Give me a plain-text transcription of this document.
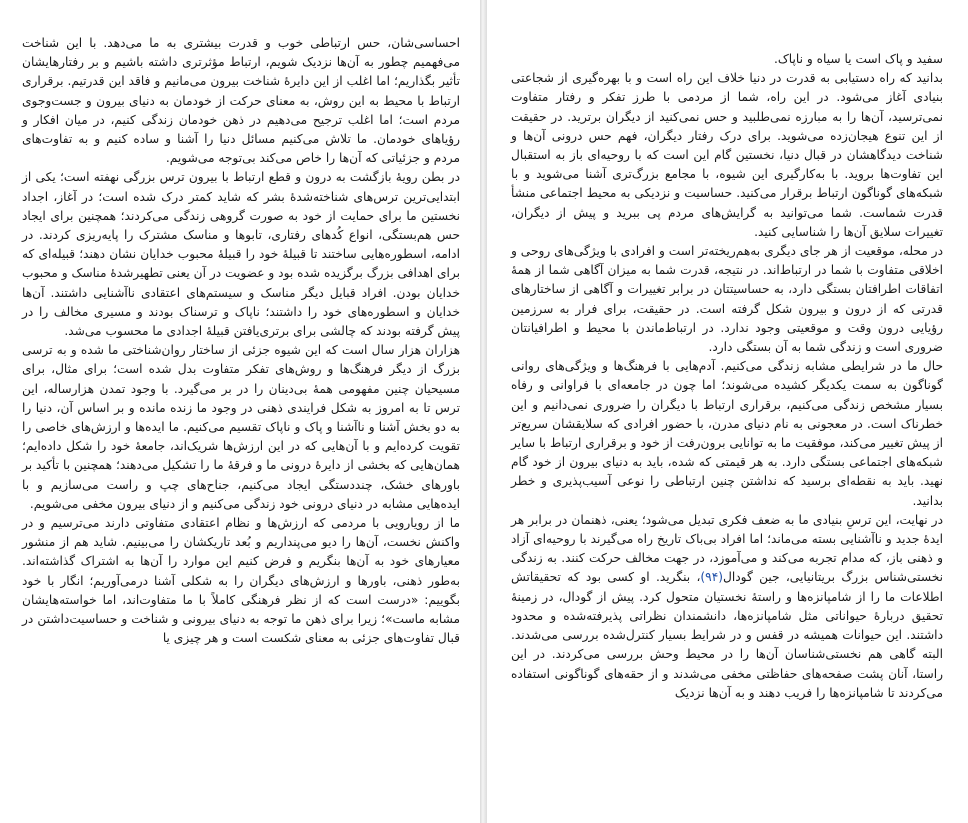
احساسی‌شان، حس ارتباطی خوب و قدرت بیشتری به ما می‌دهد. با این شناخت می‌فهمیم چطور به آن‌ها نزدیک شویم، ارتباط مؤثرتری داشته باشیم و بر رفتارهایشان تأثیر بگذاریم؛ اما اغلب از این دایرهٔ شناخت بیرون می‌مانیم و فاقد این قدرتیم. برقراری ارتباط با محیط به این روش، به معنای حرکت از خودمان به دنیای بیرون و جست‌وجوی مردم است؛ اما اغلب ترجیح می‌دهیم در ذهن خودمان زندگی کنیم، در میان افکار و رؤیاهای خودمان. ما تلاش می‌کنیم مسائل دنیا را آشنا و ساده کنیم و به تفاوت‌های مردم و جزئیاتی که آن‌ها را خاص می‌کند بی‌توجه می‌شویم.

در بطن رویهٔ بازگشت به درون و قطع ارتباط با بیرون ترس بزرگی نهفته است؛ یکی از ابتدایی‌ترین ترس‌های شناخته‌شدهٔ بشر که شاید کمتر درک شده است؛ در آغاز، اجداد نخستین ما برای حمایت از خود به صورت گروهی زندگی می‌کردند؛ همچنین برای ایجاد حس هم‌بستگی، انواع کُدهای رفتاری، تابوها و مناسک مشترک را پایه‌ریزی کردند. در ادامه، اسطوره‌هایی ساختند تا قبیلهٔ خود را قبیلهٔ محبوب خدایان نشان دهند؛ قبیله‌ای که برای اهدافی بزرگ برگزیده شده بود و عضویت در آن یعنی تطهیرشدهٔ مناسک و محبوب خدایان بودن. افراد قبایل دیگر مناسک و سیستم‌های اعتقادی ناآشنایی داشتند. آن‌ها خدایان و اسطوره‌های خود را داشتند؛ ناپاک و ترسناک بودند و مسیری مخالف را در پیش گرفته بودند که چالشی برای برتری‌یافتن قبیلهٔ اجدادی ما محسوب می‌شد.

هزاران هزار سال است که این شیوه جزئی از ساختار روان‌شناختی ما شده و به ترسی بزرگ از دیگر فرهنگ‌ها و روش‌های تفکر متفاوت بدل شده است؛ برای مثال، برای مسیحیان چنین مفهومی همهٔ بی‌دینان را در بر می‌گیرد. با وجود تمدن هزارساله، این ترس تا به امروز به شکل فرایندی ذهنی در وجود ما زنده مانده و بر اساس آن، دنیا را به دو بخش آشنا و ناآشنا و پاک و ناپاک تقسیم می‌کنیم. ما ایده‌ها و ارزش‌های خاصی را تقویت کرده‌ایم و با آن‌هایی که در این ارزش‌ها شریک‌اند، جامعهٔ خود را شکل داده‌ایم؛ همان‌هایی که بخشی از دایرهٔ درونی ما و فرقهٔ ما را تشکیل می‌دهند؛ همچنین با تأکید بر باورهای خشک، چنددستگی ایجاد می‌کنیم، جناح‌های چپ و راست می‌سازیم و با ایده‌هایی مشابه در دنیای درونی خود زندگی می‌کنیم و از دنیای بیرون مخفی می‌شویم.

ما از رویارویی با مردمی که ارزش‌ها و نظام اعتقادی متفاوتی دارند می‌ترسیم و در واکنش نخست، آن‌ها را دیو می‌پنداریم و بُعد تاریکشان را می‌بینیم. شاید هم از منشور معیارهای خود به آن‌ها بنگریم و فرض کنیم این موارد را آن‌ها به اشتراک گذاشته‌اند. به‌طور ذهنی، باورها و ارزش‌های دیگران را به شکلی آشنا درمی‌آوریم؛ انگار با خود بگوییم: «درست است که از نظر فرهنگی کاملاً با ما متفاوت‌اند، اما خواسته‌هایشان مشابه ماست»؛ زیرا برای ذهن ما توجه به دنیای بیرونی و شناخت و حساسیت‌داشتن در قبال تفاوت‌های جزئی به معنای شکست است و هر چیزی یا

سفید و پاک است یا سیاه و ناپاک.

بدانید که راه دستیابی به قدرت در دنیا خلاف این راه است و با بهره‌گیری از شجاعتی بنیادی آغاز می‌شود. در این راه، شما از مردمی با طرز تفکر و رفتار متفاوت نمی‌ترسید، آن‌ها را به مبارزه نمی‌طلبید و حس نمی‌کنید از دیگران برترید. در حقیقت از این تنوع هیجان‌زده می‌شوید. برای درک رفتار دیگران، فهم حس درونی آن‌ها و شناخت دیدگاهشان در قبال دنیا، نخستین گام این است که با روحیه‌ای باز به استقبال این تفاوت‌ها بروید. با به‌کارگیری این شیوه، با مجامع بزرگ‌تری آشنا می‌شوید و با شبکه‌های گوناگون ارتباط برقرار می‌کنید. حساسیت و نزدیکی به محیط اجتماعی منشأ قدرت شماست. شما می‌توانید به گرایش‌های مردم پی ببرید و پیش از دیگران، تغییرات سلایق آن‌ها را شناسایی کنید.

در محله، موقعیت از هر جای دیگری به‌هم‌ریخته‌تر است و افرادی با ویژگی‌های روحی و اخلاقی متفاوت با شما در ارتباط‌اند. در نتیجه، قدرت شما به میزان آگاهی شما از همهٔ اتفاقات اطرافتان بستگی دارد، به حساسیتتان در برابر تغییرات و آگاهی از ساختارهای قدرتی که از درون و بیرون شکل گرفته است. در حقیقت، برای فرار به سرزمین رؤیایی درون وقت و موقعیتی وجود ندارد. در ارتباط‌ماندن با محیط و اطرافیانتان ضروری است و زندگی شما به آن بستگی دارد.

حال ما در شرایطی مشابه زندگی می‌کنیم. آدم‌هایی با فرهنگ‌ها و ویژگی‌های روانی گوناگون به سمت یکدیگر کشیده می‌شوند؛ اما چون در جامعه‌ای با فراوانی و رفاه بسیار مشخص زندگی می‌کنیم، برقراری ارتباط با دیگران را ضروری نمی‌دانیم و این خطرناک است. در معجونی به نام دنیای مدرن، با حضور افرادی که سلایقشان سریع‌تر از پیش تغییر می‌کند، موفقیت ما به توانایی برون‌رفت از خود و برقراری ارتباط با سایر شبکه‌های اجتماعی بستگی دارد. به هر قیمتی که شده، باید به دنیای بیرون از خود گام نهید. باید به نقطه‌ای برسید که نداشتن چنین ارتباطی را نوعی آسیب‌پذیری و خطر بدانید.

در نهایت، این ترسِ بنیادی ما به ضعف فکری تبدیل می‌شود؛ یعنی، ذهنمان در برابر هر ایدهٔ جدید و ناآشنایی بسته می‌ماند؛ اما افراد بی‌باک تاریخ راه می‌گیرند با روحیه‌ای آزاد و ذهنی باز، که مدام تجربه می‌کند و می‌آموزد، در جهت مخالف حرکت کنند. به زندگی نخستی‌شناس بزرگ بریتانیایی، جین گودال(۹۴)، بنگرید. او کسی بود که تحقیقاتش اطلاعات ما را از شامپانزه‌ها و راستهٔ نخستیان متحول کرد. پیش از گودال، در زمینهٔ تحقیق دربارهٔ حیواناتی مثل شامپانزه‌ها، دانشمندان نظراتی پذیرفته‌شده و محدود داشتند. این حیوانات همیشه در قفس و در شرایط بسیار کنترل‌شده بررسی می‌شدند. البته گاهی هم نخستی‌شناسان آن‌ها را در محیط وحش بررسی می‌کردند. در این راستا، آنان پشت صفحه‌های حفاظتی مخفی می‌شدند و از حقه‌های گوناگونی استفاده می‌کردند تا شامپانزه‌ها را فریب دهند و به آن‌ها نزدیک
